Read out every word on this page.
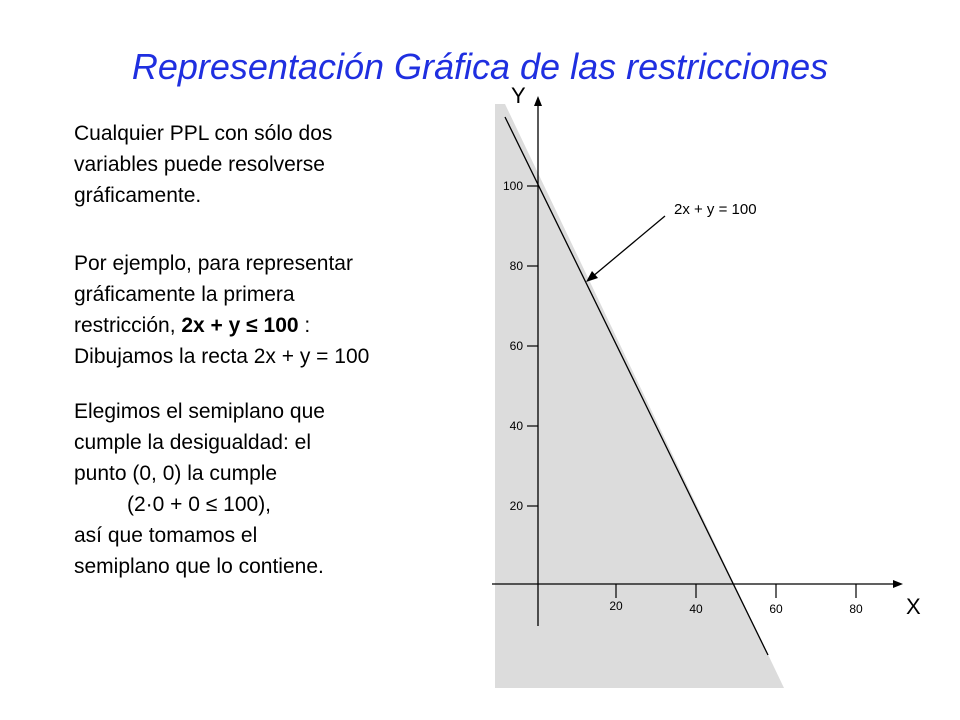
Representación Gráfica de las restricciones

Cualquier PPL con sólo dos

variables puede resolverse

gráficamente.

Por ejemplo, para representar

gráficamente la primera

restricción, 2x + y ≤ 100 :

Dibujamos la recta 2x + y = 100

Elegimos el semiplano que

cumple la desigualdad: el

punto (0, 0) la cumple

(2·0 + 0 ≤ 100),

así que tomamos el

semiplano que lo contiene.

20	40	60	80
20
40
60
80
100
X
Y
2x + y = 100
